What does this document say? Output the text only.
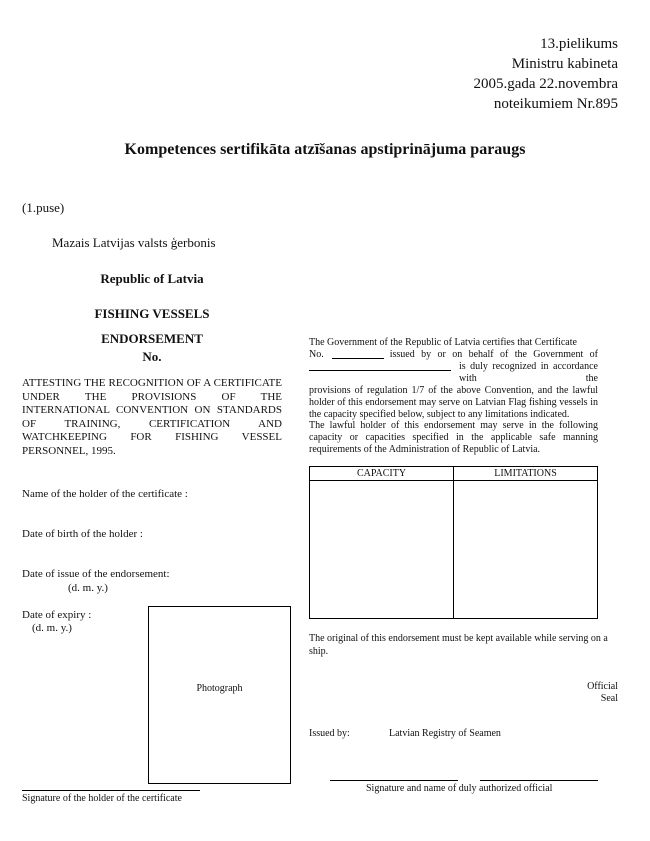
13.pielikums
Ministru kabineta
2005.gada 22.novembra
noteikumiem Nr.895
Kompetences sertifikāta atzīšanas apstiprinājuma paraugs
(1.puse)
Mazais Latvijas valsts ģerbonis
Republic of Latvia
FISHING VESSELS
ENDORSEMENT
No.
ATTESTING THE RECOGNITION OF A CERTIFICATE UNDER THE PROVISIONS OF THE INTERNATIONAL CONVENTION ON STANDARDS OF TRAINING, CERTIFICATION AND WATCHKEEPING FOR FISHING VESSEL PERSONNEL, 1995.
Name of the holder of the certificate :
Date of birth of the holder :
Date of issue of the endorsement:
(d. m. y.)
Date of expiry :
(d. m. y.)
Photograph
Signature of the holder of the certificate
The Government of the Republic of Latvia certifies that Certificate
No.	issued by or on behalf of the Government of
is duly recognized in accordance with the
provisions of regulation 1/7 of the above Convention, and the lawful holder of this endorsement may serve on Latvian Flag fishing vessels in the capacity specified below, subject to any limitations indicated.
The lawful holder of this endorsement may serve in the following capacity or capacities specified in the applicable safe manning requirements of the Administration of Republic of Latvia.
CAPACITY	LIMITATIONS

The original of this endorsement must be kept available while serving on a ship.
Official
Seal
Issued by:	Latvian Registry of Seamen
Signature and name of duly authorized official
